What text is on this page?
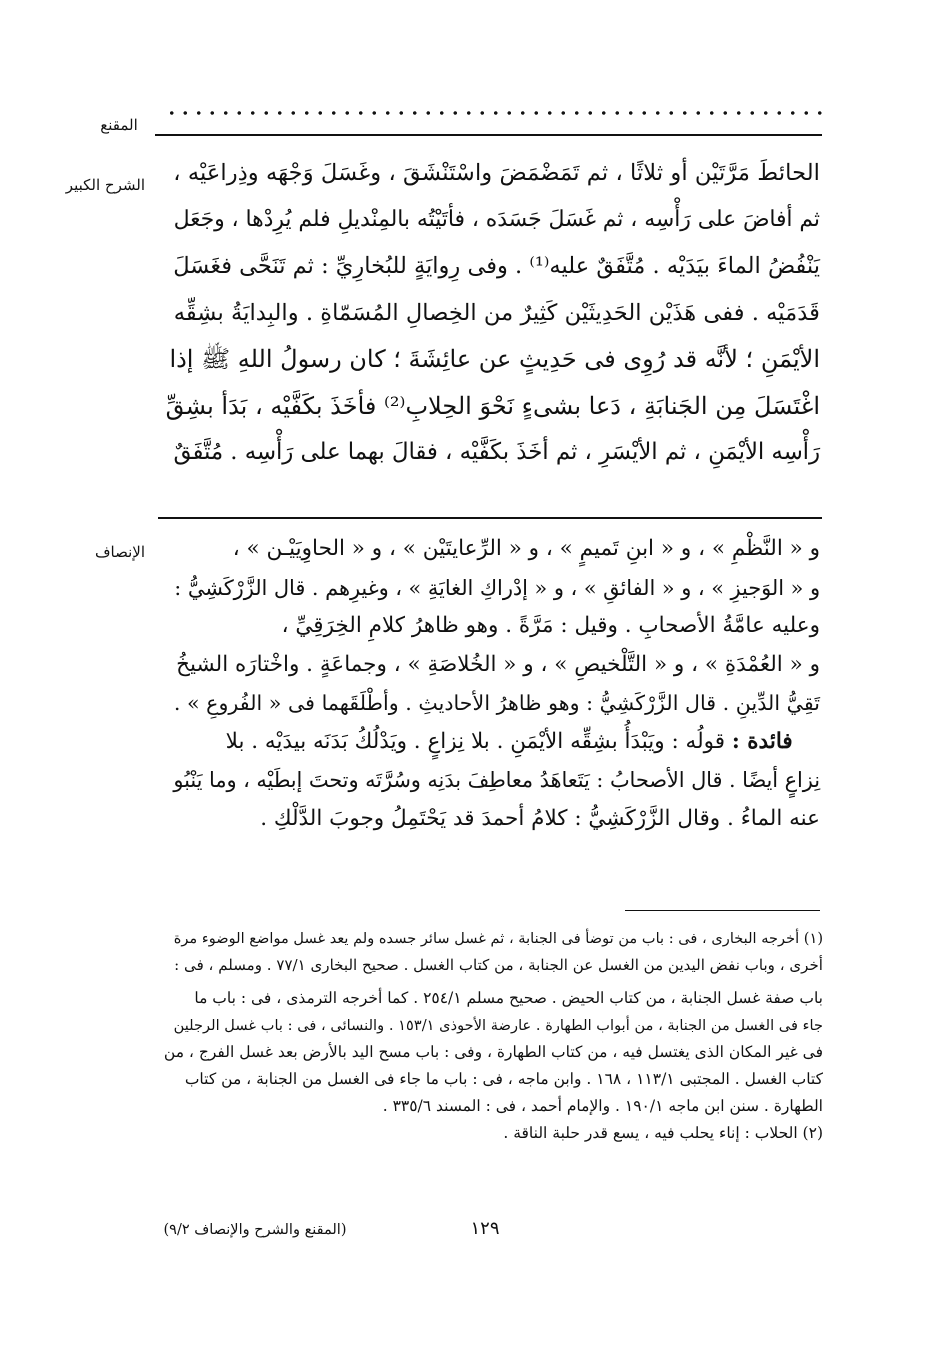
المقنع
الشرح الكبير
الإنصاف
الحائطَ مَرَّتَيْن أو ثلاثًا ، ثم تَمَضْمَضَ واسْتَنْشَقَ ، وغَسَلَ وَجْهَه وذِراعَيْه ،
ثم أفاضَ على رَأْسِه ، ثم غَسَلَ جَسَدَه ، فأتَيْتُه بالمِنْديلِ فلم يُرِدْها ، وجَعَل
يَنْفُضُ الماءَ بيَدَيْه . مُتَّفَقٌ عليه⁽¹⁾ . وفى رِوايَةٍ للبُخارِيِّ : ثم تَنَحَّى فغَسَلَ
قَدَمَيْه . ففى هَذَيْن الحَدِيثَيْن كَثِيرٌ من الخِصالِ المُسَمّاةِ . والبِدايَةُ بشِقِّه
الأيْمَنِ ؛ لأنَّه قد رُوِى فى حَدِيثٍ عن عائِشَةَ ؛ كان رسولُ اللهِ ﷺ إذا
اغْتَسَلَ مِن الجَنابَةِ ، دَعا بشىءٍ نَحْوَ الحِلابِ⁽²⁾ فأخَذَ بكَفَّيْه ، بَدَأ بشِقِّ
رَأْسِه الأيْمَنِ ، ثم الأيْسَرِ ، ثم أخَذَ بكَفَّيْه ، فقالَ بهما على رَأْسِه . مُتَّفَقٌ
و « النَّظْمِ » ، و « ابنِ تَميمٍ » ، و « الرِّعايتَيْن » ، و « الحاوِيَيْـن » ،
و « الوَجيزِ » ، و « الفائقِ » ، و « إدْراكِ الغايَةِ » ، وغيرِهم . قال الزَّرْكَشِيُّ :
وعليه عامَّةُ الأصحابِ . وقيل : مَرَّةً . وهو ظاهرُ كلامِ الخِرَقِيِّ ،
و « العُمْدَةِ » ، و « التَّلْخيصِ » ، و « الخُلاصَةِ » ، وجماعَةٍ . واخْتارَه الشيخُ
تَقِيُّ الدِّينِ . قال الزَّرْكَشِيُّ : وهو ظاهرُ الأحاديثِ . وأطْلَقَهما فى « الفُروعِ » .
فائدة : قولُه : ويَبْدَأُ بشِقِّه الأيْمَنِ . بلا نِزاعٍ . ويَدْلُكُ بَدَنَه بيدَيْه . بلا
نِزاعٍ أيضًا . قال الأصحابُ : يَتَعاهَدُ معاطِفَ بدَنِه وسُرَّتَه وتحتَ إبطَيْه ، وما يَنْبُو
عنه الماءُ . وقال الزَّرْكَشِيُّ : كلامُ أحمدَ قد يَحْتَمِلُ وجوبَ الدَّلْكِ .
(١) أخرجه البخارى ، فى : باب من توضأ فى الجنابة ، ثم غسل سائر جسده ولم يعد غسل مواضع الوضوء مرة
أخرى ، وباب نفض اليدين من الغسل عن الجنابة ، من كتاب الغسل . صحيح البخارى ٧٧/١ . ومسلم ، فى :
باب صفة غسل الجنابة ، من كتاب الحيض . صحيح مسلم ٢٥٤/١ . كما أخرجه الترمذى ، فى : باب ما
جاء فى الغسل من الجنابة ، من أبواب الطهارة . عارضة الأحوذى ١٥٣/١ . والنسائى ، فى : باب غسل الرجلين
فى غير المكان الذى يغتسل فيه ، من كتاب الطهارة ، وفى : باب مسح اليد بالأرض بعد غسل الفرج ، من
كتاب الغسل . المجتبى ١١٣/١ ، ١٦٨ . وابن ماجه ، فى : باب ما جاء فى الغسل من الجنابة ، من كتاب
الطهارة . سنن ابن ماجه ١٩٠/١ . والإمام أحمد ، فى : المسند ٣٣٥/٦ .
(٢) الحلاب : إناء يحلب فيه ، يسع قدر حلبة الناقة .
١٢٩
(المقنع والشرح والإنصاف ٩/٢)
